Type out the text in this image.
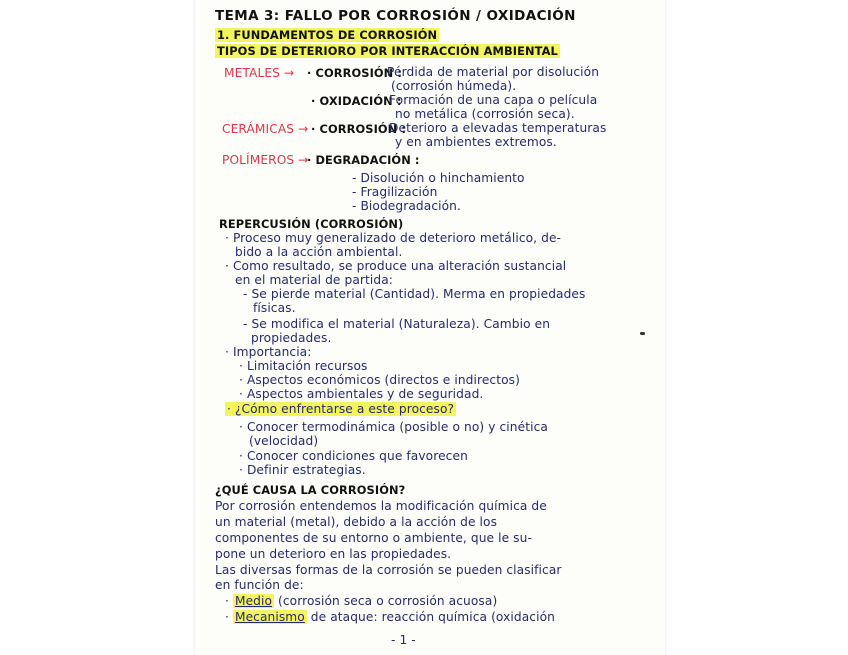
TEMA 3: FALLO POR CORROSIÓN / OXIDACIÓN
1. FUNDAMENTOS DE CORROSIÓN
TIPOS DE DETERIORO POR INTERACCIÓN AMBIENTAL
METALES → · CORROSIÓN :
Pérdida de material por disolución
(corrosión húmeda).
· OXIDACIÓN :
Formación de una capa o película
no metálica (corrosión seca).
CERÁMICAS → · CORROSIÓN :
Deterioro a elevadas temperaturas
y en ambientes extremos.
POLÍMEROS →
· DEGRADACIÓN :
- Disolución o hinchamiento
- Fragilización
- Biodegradación.
REPERCUSIÓN (CORROSIÓN)
· Proceso muy generalizado de deterioro metálico, de-
bido a la acción ambiental.
· Como resultado, se produce una alteración sustancial
en el material de partida:
- Se pierde material (Cantidad). Merma en propiedades
físicas.
- Se modifica el material (Naturaleza). Cambio en
propiedades.
· Importancia:
· Limitación recursos
· Aspectos económicos (directos e indirectos)
· Aspectos ambientales y de seguridad.
· ¿Cómo enfrentarse a este proceso?
· Conocer termodinámica (posible o no) y cinética
(velocidad)
· Conocer condiciones que favorecen
· Definir estrategias.
¿QUÉ CAUSA LA CORROSIÓN?
Por corrosión entendemos la modificación química de
un material (metal), debido a la acción de los
componentes de su entorno o ambiente, que le su-
pone un deterioro en las propiedades.
Las diversas formas de la corrosión se pueden clasificar
en función de:
· Medio (corrosión seca o corrosión acuosa)
· Mecanismo de ataque: reacción química (oxidación
- 1 -
